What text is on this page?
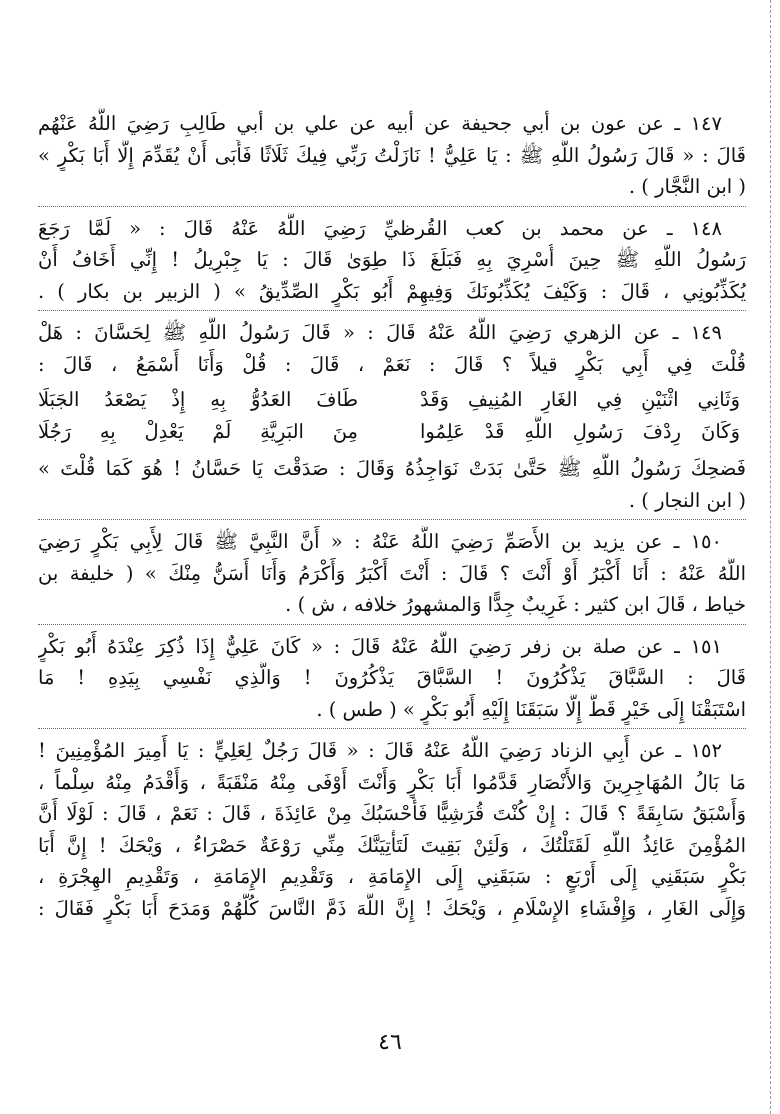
١٤٧ ـ عن عون بن أبي جحيفة عن أبيه عن علي بن أبي طَالِبِ رَضِيَ اللَّهُ عَنْهُم
قَالَ : « قَالَ رَسُولُ اللَّهِ ﷺ : يَا عَلِيُّ ! نَازَلْتُ رَبِّي فِيكَ ثَلَاثًا فَأَبَى أَنْ يُقَدِّمَ إِلَّا أَبَا بَكْرٍ »
( ابن النَّجَّار ) .
١٤٨ ـ عن محمد بن كعب القُرظيِّ رَضِيَ اللَّهُ عَنْهُ قَالَ : « لَمَّا رَجَعَ
رَسُولُ اللَّهِ ﷺ حِينَ أُسْرِيَ بِهِ فَبَلَغَ ذَا طِوَىٰ قَالَ : يَا جِبْرِيلُ ! إِنِّي أَخَافُ أَنْ
يُكَذِّبُونِي ، قَالَ : وَكَيْفَ يُكَذِّبُونَكَ وَفِيهِمْ أَبُو بَكْرٍ الصِّدِّيقُ » ( الزبير بن بكار ) .
١٤٩ ـ عن الزهري رَضِيَ اللَّهُ عَنْهُ قَالَ : « قَالَ رَسُولُ اللَّهِ ﷺ لِحَسَّانَ : هَلْ
قُلْتَ فِي أَبِي بَكْرٍ قيلاً ؟ قَالَ : نَعَمْ ، قَالَ : قُلْ وَأَنَا أَسْمَعُ ، قَالَ :
وَثَانِي اثْنَيْنِ فِي الغَارِ المُنِيفِ وَقَدْ
طَافَ العَدُوُّ بِهِ إِذْ يَصْعَدُ الجَبَلَا
وَكَانَ رِدْفَ رَسُولِ اللَّهِ قَدْ عَلِمُوا
مِنَ البَرِيَّةِ لَمْ يَعْدِلْ بِهِ رَجُلَا
فَضحِكَ رَسُولُ اللَّهِ ﷺ حَتَّىٰ بَدَتْ نَوَاجِذُهُ وَقَالَ : صَدَقْتَ يَا حَسَّانُ ! هُوَ كَمَا قُلْتَ »
( ابن النجار ) .
١٥٠ ـ عن يزيد بن الأَصَمِّ رَضِيَ اللَّهُ عَنْهُ : « أَنَّ النَّبِيَّ ﷺ قَالَ لِأَبِي بَكْرٍ رَضِيَ
اللَّهُ عَنْهُ : أَنَا أَكْبَرُ أَوْ أَنْتَ ؟ قَالَ : أَنْتَ أَكْبَرُ وَأَكْرَمُ وَأَنَا أَسَنُّ مِنْكَ » ( خليفة بن
خياط ، قَالَ ابن كثير : غَرِيبٌ جِدًّا وَالمشهورُ خلافه ، ش ) .
١٥١ ـ عن صلة بن زفر رَضِيَ اللَّهُ عَنْهُ قَالَ : « كَانَ عَلِيٌّ إِذَا ذُكِرَ عِنْدَهُ أَبُو بَكْرٍ
قَالَ : السَّبَّاقَ يَذْكُرُونَ ! السَّبَّاقَ يَذْكُرُونَ ! وَالَّذِي نَفْسِي بِيَدِهِ ! مَا
اسْتَبَقْنَا إِلَى خَيْرٍ قَطُّ إِلَّا سَبَقَنَا إِلَيْهِ أَبُو بَكْرٍ » ( طس ) .
١٥٢ ـ عن أَبِي الزناد رَضِيَ اللَّهُ عَنْهُ قَالَ : « قَالَ رَجُلٌ لِعَلِيٍّ : يَا أَمِيرَ المُؤْمِنِينَ !
مَا بَالُ المُهَاجِرِينَ وَالأَنْصَارِ قَدَّمُوا أَبَا بَكْرٍ وَأَنْتَ أَوْفَى مِنْهُ مَنْقَبَةً ، وَأَقْدَمُ مِنْهُ سِلْماً ،
وَأَسْبَقُ سَابِقَةً ؟ قَالَ : إِنْ كُنْتَ قُرَشِيًّا فَأَحْسَبُكَ مِنْ عَائِذَةَ ، قَالَ : نَعَمْ ، قَالَ : لَوْلَا أَنَّ
المُؤْمِنَ عَائِذُ اللَّهِ لَقَتَلْتُكَ ، وَلَئِنْ بَقِيتَ لَتَأْتِيَنَّكَ مِنِّي رَوْعَةٌ حَصْرَاءُ ، وَيْحَكَ ! إِنَّ أَبَا
بَكْرٍ سَبَقَنِي إِلَى أَرْبَعٍ : سَبَقَنِي إِلَى الإِمَامَةِ ، وَتَقْدِيمِ الإِمَامَةِ ، وَتَقْدِيمِ الهِجْرَةِ ،
وَإِلَى الغَارِ ، وَإِفْشَاءِ الإِسْلَامِ ، وَيْحَكَ ! إِنَّ اللَّهَ ذَمَّ النَّاسَ كُلَّهُمْ وَمَدَحَ أَبَا بَكْرٍ فَقَالَ :
٤٦
